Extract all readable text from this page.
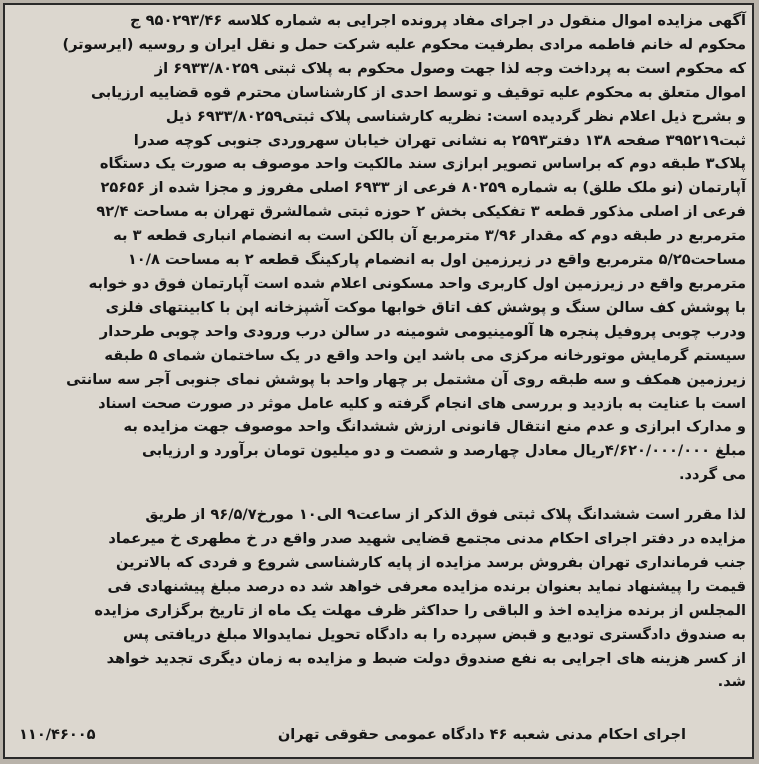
آگهی مزایده اموال منقول در اجرای مفاد پرونده اجرایی به شماره کلاسه ۹۵۰۲۹۳/۴۶ ج

محکوم له خانم فاطمه مرادی بطرفیت محکوم علیه شرکت حمل و نقل ایران و روسیه (ایرسوتر)

که محکوم است به پرداخت وجه لذا جهت وصول محکوم به پلاک ثبتی ۶۹۳۳/۸۰۲۵۹ از

اموال متعلق به محکوم علیه توقیف و توسط احدی از کارشناسان محترم قوه قضاییه ارزیابی

و بشرح ذیل اعلام نظر گردیده است: نظریه کارشناسی پلاک ثبتی۶۹۳۳/۸۰۲۵۹ ذیل

ثبت۳۹۵۲۱۹ صفحه ۱۳۸ دفتر۲۵۹۳ به نشانی تهران خیابان سهروردی جنوبی کوچه صدرا

پلاک۳ طبقه دوم که براساس تصویر ابرازی سند مالکیت واحد موصوف به صورت یک دستگاه

آپارتمان (نو ملک طلق) به شماره ۸۰۲۵۹ فرعی از ۶۹۳۳ اصلی مفروز و مجزا شده از ۲۵۶۵۶

فرعی از اصلی مذکور قطعه ۳ تفکیکی بخش ۲ حوزه ثبتی شمالشرق تهران به مساحت ۹۲/۴

مترمربع در طبقه دوم که مقدار ۳/۹۶ مترمربع آن بالکن است به انضمام انباری قطعه ۳ به

مساحت۵/۲۵ مترمربع واقع در زیرزمین اول به انضمام پارکینگ قطعه ۲ به مساحت ۱۰/۸

مترمربع واقع در زیرزمین اول کاربری واحد مسکونی اعلام شده است آپارتمان فوق دو خوابه

با پوشش کف سالن سنگ و پوشش کف اتاق خوابها موکت آشپزخانه اپن با کابینتهای فلزی

ودرب چوبی پروفیل پنجره ها آلومینیومی شومینه در سالن درب ورودی واحد چوبی طرحدار

سیستم گرمایش موتورخانه مرکزی می باشد این واحد واقع در یک ساختمان شمای ۵ طبقه

زیرزمین همکف و سه طبقه روی آن مشتمل بر چهار واحد با پوشش نمای جنوبی آجر سه سانتی

است با عنایت به بازدید و بررسی های انجام گرفته و کلیه عامل موثر در صورت صحت اسناد

و مدارک ابرازی و عدم منع انتقال قانونی ارزش ششدانگ واحد موصوف جهت مزایده به

مبلغ ۴/۶۲۰/۰۰۰/۰۰۰ریال معادل چهارصد و شصت و دو میلیون تومان برآورد و ارزیابی

می گردد.

لذا مقرر است ششدانگ پلاک ثبتی فوق الذکر از ساعت۹ الی۱۰ مورخ۹۶/۵/۷ از طریق

مزایده در دفتر اجرای احکام مدنی مجتمع قضایی شهید صدر واقع در خ مطهری خ میرعماد

جنب فرمانداری تهران بفروش برسد مزایده از پایه کارشناسی شروع و فردی که بالاترین

قیمت را پیشنهاد نماید بعنوان برنده مزایده معرفی خواهد شد ده درصد مبلغ پیشنهادی فی

المجلس از برنده مزایده اخذ و الباقی را حداکثر ظرف مهلت یک ماه از تاریخ برگزاری مزایده

به صندوق دادگستری تودیع و قبض سپرده را به دادگاه تحویل نمایدوالا مبلغ دریافتی پس

از کسر هزینه های اجرایی به نفع صندوق دولت ضبط و مزایده به زمان دیگری تجدید خواهد

شد.

اجرای احکام مدنی شعبه ۴۶ دادگاه عمومی حقوقی تهران
۱۱۰/۴۶۰۰۵
